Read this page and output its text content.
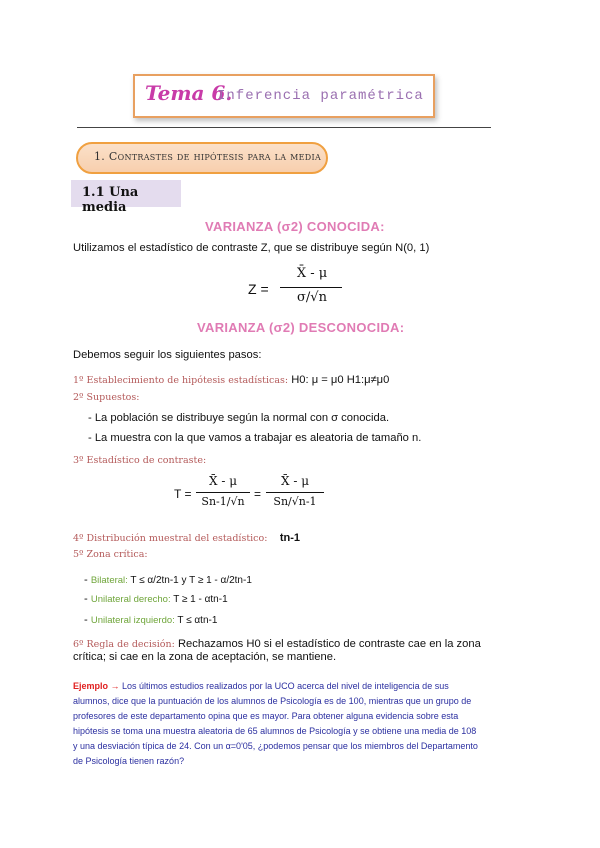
Tema 6.
Inferencia paramétrica
1. Contrastes de hipótesis para la media
1.1 Una media
VARIANZA (σ2) CONOCIDA:
Utilizamos el estadístico de contraste Z, que se distribuye según N(0, 1)
Z =
X̄ - μ
σ/√n
VARIANZA (σ2) DESCONOCIDA:
Debemos seguir los siguientes pasos:
1º Establecimiento de hipótesis estadísticas: H0: μ = μ0 H1:μ≠μ0
2º Supuestos:
- La población se distribuye según la normal con σ conocida.
- La muestra con la que vamos a trabajar es aleatoria de tamaño n.
3º Estadístico de contraste:
T =
X̄ - μ
Sn-1/√n
=
X̄ - μ
Sn/√n-1
4º Distribución muestral del estadístico: tn-1
5º Zona crítica:
- Bilateral: T ≤ α/2tn-1 y T ≥ 1 - α/2tn-1
- Unilateral derecho: T ≥ 1 - αtn-1
- Unilateral izquierdo: T ≤ αtn-1
6º Regla de decisión: Rechazamos H0 si el estadístico de contraste cae en la zona
crítica; si cae en la zona de aceptación, se mantiene.
Ejemplo → Los últimos estudios realizados por la UCO acerca del nivel de inteligencia de sus
alumnos, dice que la puntuación de los alumnos de Psicología es de 100, mientras que un grupo de
profesores de este departamento opina que es mayor. Para obtener alguna evidencia sobre esta
hipótesis se toma una muestra aleatoria de 65 alumnos de Psicología y se obtiene una media de 108
y una desviación típica de 24. Con un α=0'05, ¿podemos pensar que los miembros del Departamento
de Psicología tienen razón?
